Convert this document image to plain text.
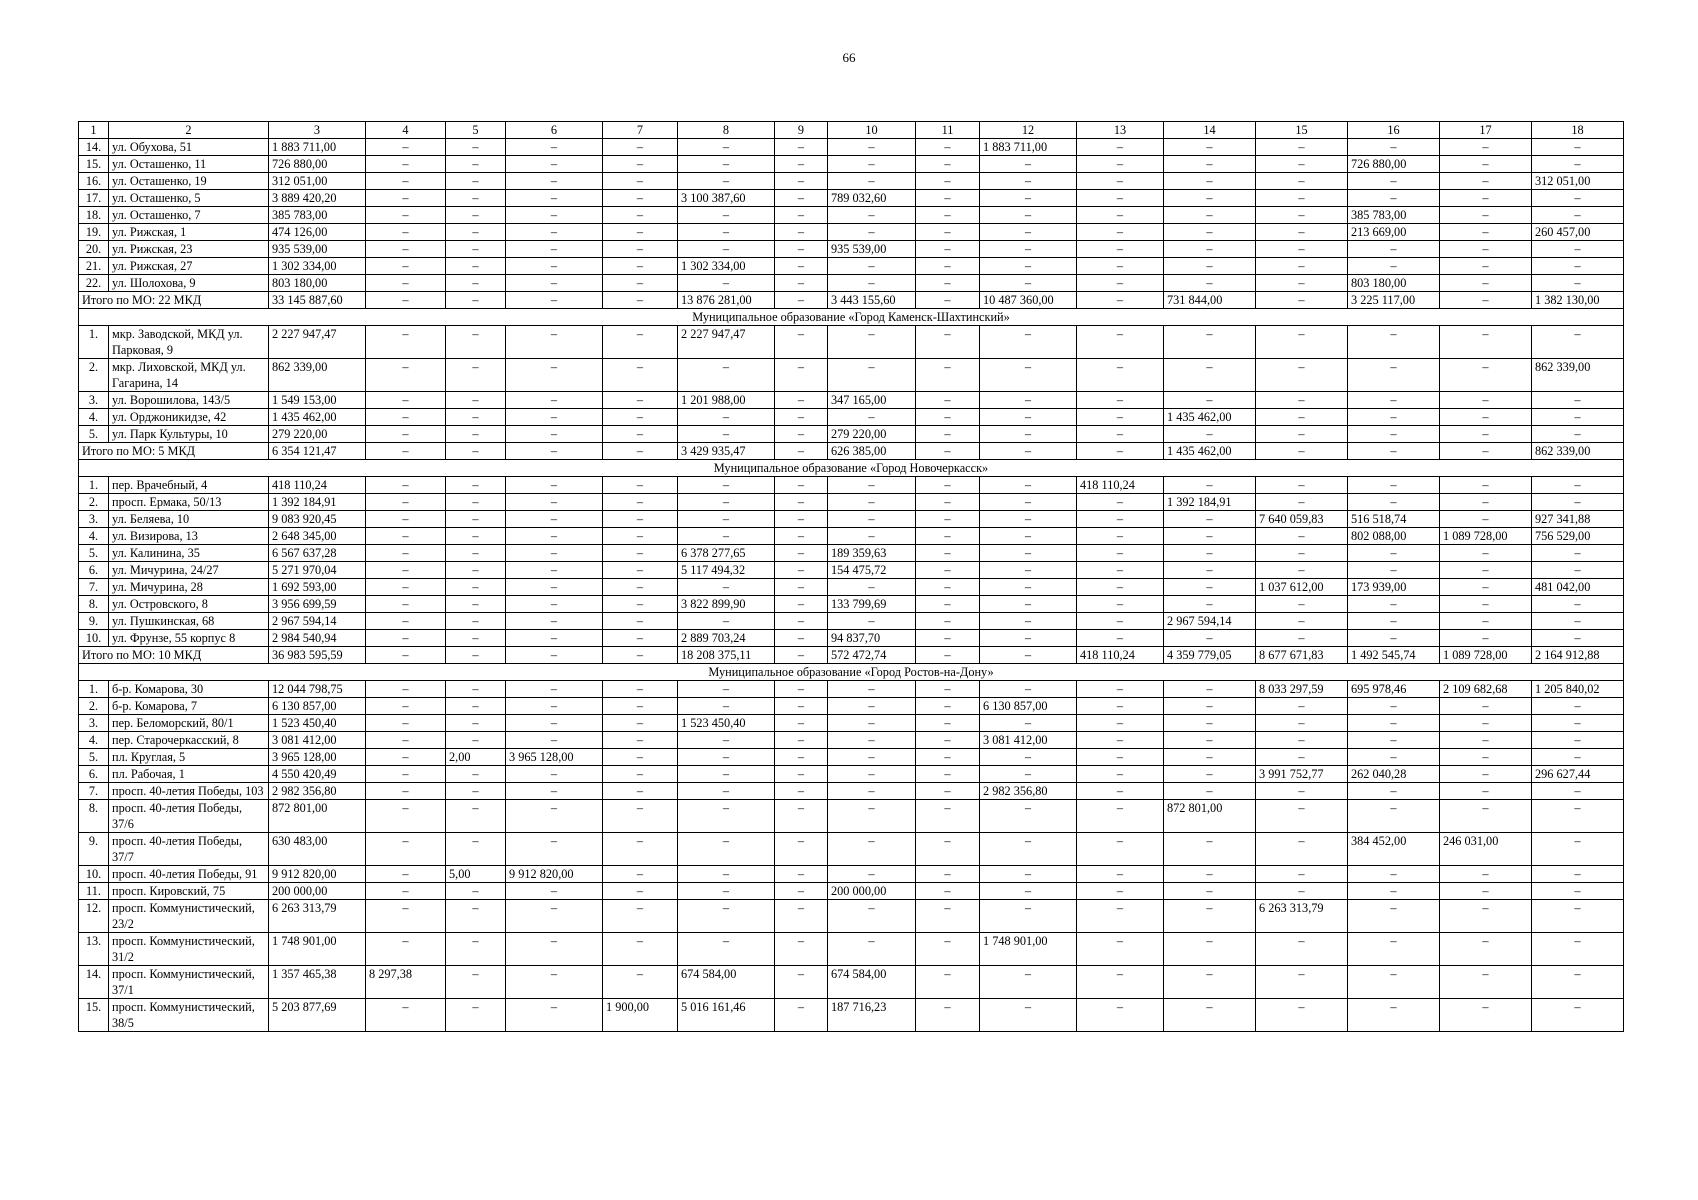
66
1	2	3	4	5	6	7	8	9	10	11	12	13	14	15	16	17	18
14.	ул. Обухова, 51	1 883 711,00	–	–	–	–	–	–	–	–	1 883 711,00	–	–	–	–	–	–
15.	ул. Осташенко, 11	726 880,00	–	–	–	–	–	–	–	–	–	–	–	–	726 880,00	–	–
16.	ул. Осташенко, 19	312 051,00	–	–	–	–	–	–	–	–	–	–	–	–	–	–	312 051,00
17.	ул. Осташенко, 5	3 889 420,20	–	–	–	–	3 100 387,60	–	789 032,60	–	–	–	–	–	–	–	–
18.	ул. Осташенко, 7	385 783,00	–	–	–	–	–	–	–	–	–	–	–	–	385 783,00	–	–
19.	ул. Рижская, 1	474 126,00	–	–	–	–	–	–	–	–	–	–	–	–	213 669,00	–	260 457,00
20.	ул. Рижская, 23	935 539,00	–	–	–	–	–	–	935 539,00	–	–	–	–	–	–	–	–
21.	ул. Рижская, 27	1 302 334,00	–	–	–	–	1 302 334,00	–	–	–	–	–	–	–	–	–	–
22.	ул. Шолохова, 9	803 180,00	–	–	–	–	–	–	–	–	–	–	–	–	803 180,00	–	–
Итого по МО: 22 МКД		33 145 887,60	–	–	–	–	13 876 281,00	–	3 443 155,60	–	10 487 360,00	–	731 844,00	–	3 225 117,00	–	1 382 130,00
Муниципальное образование «Город Каменск-Шахтинский»																	
1.	мкр. Заводской, МКД ул. Парковая, 9	2 227 947,47	–	–	–	–	2 227 947,47	–	–	–	–	–	–	–	–	–	–
2.	мкр. Лиховской, МКД ул. Гагарина, 14	862 339,00	–	–	–	–	–	–	–	–	–	–	–	–	–	–	862 339,00
3.	ул. Ворошилова, 143/5	1 549 153,00	–	–	–	–	1 201 988,00	–	347 165,00	–	–	–	–	–	–	–	–
4.	ул. Орджоникидзе, 42	1 435 462,00	–	–	–	–	–	–	–	–	–	–	1 435 462,00	–	–	–	–
5.	ул. Парк Культуры, 10	279 220,00	–	–	–	–	–	–	279 220,00	–	–	–	–	–	–	–	–
Итого по МО: 5 МКД		6 354 121,47	–	–	–	–	3 429 935,47	–	626 385,00	–	–	–	1 435 462,00	–	–	–	862 339,00
Муниципальное образование «Город Новочеркасск»																	
1.	пер. Врачебный, 4	418 110,24	–	–	–	–	–	–	–	–	–	418 110,24	–	–	–	–	–
2.	просп. Ермака, 50/13	1 392 184,91	–	–	–	–	–	–	–	–	–	–	1 392 184,91	–	–	–	–
3.	ул. Беляева, 10	9 083 920,45	–	–	–	–	–	–	–	–	–	–	–	7 640 059,83	516 518,74	–	927 341,88
4.	ул. Визирова, 13	2 648 345,00	–	–	–	–	–	–	–	–	–	–	–	–	802 088,00	1 089 728,00	756 529,00
5.	ул. Калинина, 35	6 567 637,28	–	–	–	–	6 378 277,65	–	189 359,63	–	–	–	–	–	–	–	–
6.	ул. Мичурина, 24/27	5 271 970,04	–	–	–	–	5 117 494,32	–	154 475,72	–	–	–	–	–	–	–	–
7.	ул. Мичурина, 28	1 692 593,00	–	–	–	–	–	–	–	–	–	–	–	1 037 612,00	173 939,00	–	481 042,00
8.	ул. Островского, 8	3 956 699,59	–	–	–	–	3 822 899,90	–	133 799,69	–	–	–	–	–	–	–	–
9.	ул. Пушкинская, 68	2 967 594,14	–	–	–	–	–	–	–	–	–	–	2 967 594,14	–	–	–	–
10.	ул. Фрунзе, 55 корпус 8	2 984 540,94	–	–	–	–	2 889 703,24	–	94 837,70	–	–	–	–	–	–	–	–
Итого по МО: 10 МКД		36 983 595,59	–	–	–	–	18 208 375,11	–	572 472,74	–	–	418 110,24	4 359 779,05	8 677 671,83	1 492 545,74	1 089 728,00	2 164 912,88
Муниципальное образование «Город Ростов-на-Дону»																	
1.	б-р. Комарова, 30	12 044 798,75	–	–	–	–	–	–	–	–	–	–	–	8 033 297,59	695 978,46	2 109 682,68	1 205 840,02
2.	б-р. Комарова, 7	6 130 857,00	–	–	–	–	–	–	–	–	6 130 857,00	–	–	–	–	–	–
3.	пер. Беломорский, 80/1	1 523 450,40	–	–	–	–	1 523 450,40	–	–	–	–	–	–	–	–	–	–
4.	пер. Старочеркасский, 8	3 081 412,00	–	–	–	–	–	–	–	–	3 081 412,00	–	–	–	–	–	–
5.	пл. Круглая, 5	3 965 128,00	–	2,00	3 965 128,00	–	–	–	–	–	–	–	–	–	–	–	–
6.	пл. Рабочая, 1	4 550 420,49	–	–	–	–	–	–	–	–	–	–	–	3 991 752,77	262 040,28	–	296 627,44
7.	просп. 40-летия Победы, 103	2 982 356,80	–	–	–	–	–	–	–	–	2 982 356,80	–	–	–	–	–	–
8.	просп. 40-летия Победы, 37/6	872 801,00	–	–	–	–	–	–	–	–	–	–	872 801,00	–	–	–	–
9.	просп. 40-летия Победы, 37/7	630 483,00	–	–	–	–	–	–	–	–	–	–	–	–	384 452,00	246 031,00	–
10.	просп. 40-летия Победы, 91	9 912 820,00	–	5,00	9 912 820,00	–	–	–	–	–	–	–	–	–	–	–	–
11.	просп. Кировский, 75	200 000,00	–	–	–	–	–	–	200 000,00	–	–	–	–	–	–	–	–
12.	просп. Коммунистический, 23/2	6 263 313,79	–	–	–	–	–	–	–	–	–	–	–	6 263 313,79	–	–	–
13.	просп. Коммунистический, 31/2	1 748 901,00	–	–	–	–	–	–	–	–	1 748 901,00	–	–	–	–	–	–
14.	просп. Коммунистический, 37/1	1 357 465,38	8 297,38	–	–	–	674 584,00	–	674 584,00	–	–	–	–	–	–	–	–
15.	просп. Коммунистический, 38/5	5 203 877,69	–	–	–	1 900,00	5 016 161,46	–	187 716,23	–	–	–	–	–	–	–	–
